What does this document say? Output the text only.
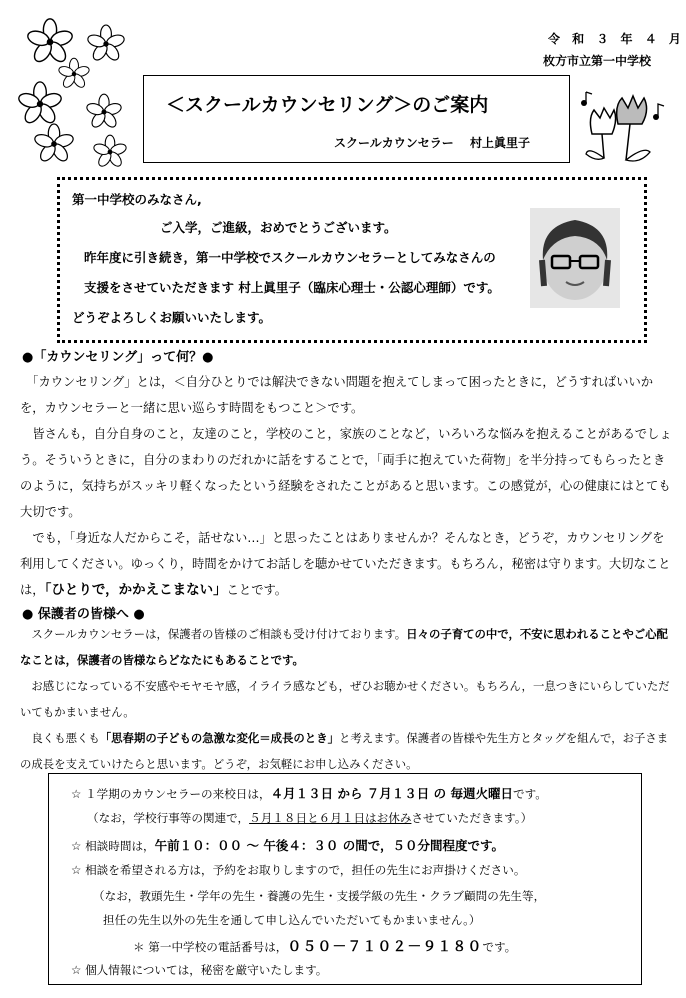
令 和 ３ 年 ４ 月
枚方市立第一中学校
＜スクールカウンセリング＞のご案内
スクールカウンセラー　 村上眞里子

第一中学校のみなさん,

ご入学，ご進級，おめでとうございます。

昨年度に引き続き，第一中学校でスクールカウンセラーとしてみなさんの

支援をさせていただきます 村上眞里子（臨床心理士・公認心理師）です。

どうぞよろしくお願いいたします。

●「カウンセリング」って何？●

　「カウンセリング」とは，＜自分ひとりでは解決できない問題を抱えてしまって困ったときに，どうすればいいかを，カウンセラーと一緒に思い巡らす時間をもつこと＞です。

　皆さんも，自分自身のこと，友達のこと，学校のこと，家族のことなど，いろいろな悩みを抱えることがあるでしょう。そういうときに，自分のまわりのだれかに話をすることで，「両手に抱えていた荷物」を半分持ってもらったときのように，気持ちがスッキリ軽くなったという経験をされたことがあると思います。この感覚が，心の健康にはとても大切です。

　でも，「身近な人だからこそ，話せない…」と思ったことはありませんか？そんなとき，どうぞ，カウンセリングを利用してください。ゆっくり，時間をかけてお話しを聴かせていただきます。もちろん，秘密は守ります。大切なことは，「ひとりで，かかえこまない」ことです。

● 保護者の皆様へ ●

　スクールカウンセラーは，保護者の皆様のご相談も受け付けております。日々の子育ての中で，不安に思われることやご心配なことは，保護者の皆様ならどなたにもあることです。

　お感じになっている不安感やモヤモヤ感，イライラ感なども，ぜひお聴かせください。もちろん，一息つきにいらしていただいてもかまいません。

　良くも悪くも「思春期の子どもの急激な変化＝成長のとき」と考えます。保護者の皆様や先生方とタッグを組んで，お子さまの成長を支えていけたらと思います。どうぞ，お気軽にお申し込みください。

☆ １学期のカウンセラーの来校日は，４月１３日 から ７月１３日 の 毎週火曜日です。

（なお，学校行事等の関連で，５月１８日と６月１日はお休みさせていただきます。）

☆ 相談時間は，午前１０：００ ～ 午後４：３０ の間で，５０分間程度です。

☆ 相談を希望される方は，予約をお取りしますので，担任の先生にお声掛けください。

（なお，教頭先生・学年の先生・養護の先生・支援学級の先生・クラブ顧問の先生等，

担任の先生以外の先生を通して申し込んでいただいてもかまいません。）

＊ 第一中学校の電話番号は，０５０－７１０２－９１８０です。

☆ 個人情報については，秘密を厳守いたします。
